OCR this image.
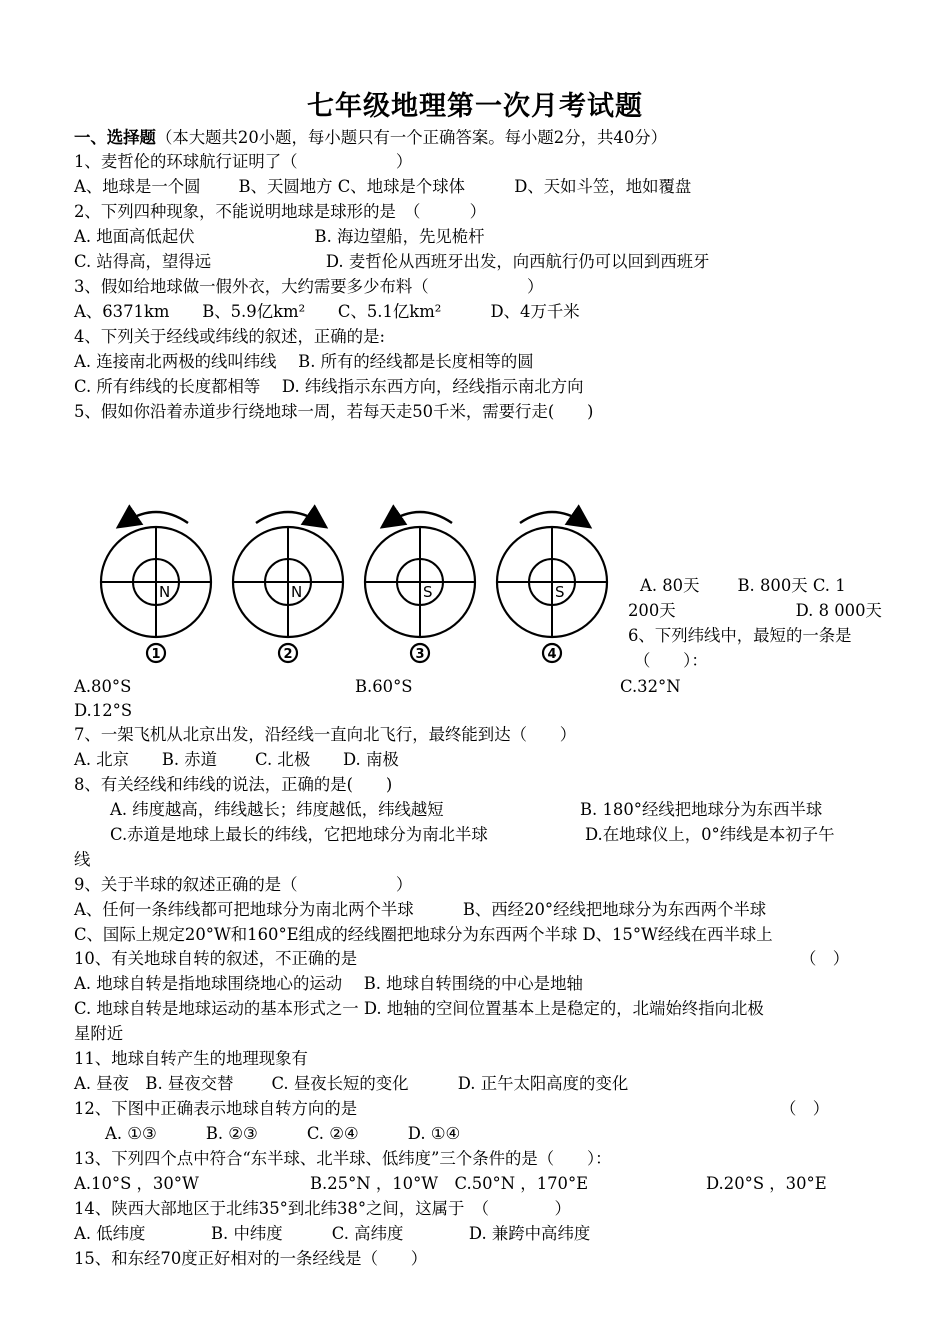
七年级地理第一次月考试题
一、选择题（本大题共20小题，每小题只有一个正确答案。每小题2分，共40分）
1、麦哲伦的环球航行证明了（　　　　　　）
A、地球是一个圆　　 B、天圆地方 C、地球是个球体　　　D、天如斗笠，地如覆盘
2、下列四种现象，不能说明地球是球形的是　（　　　）
A. 地面高低起伏　　　　　　　 B. 海边望船，先见桅杆
C. 站得高，望得远　　　　　　　D. 麦哲伦从西班牙出发，向西航行仍可以回到西班牙
3、假如给地球做一假外衣，大约需要多少布料（　　　　　　）
A、6371km　　B、5.9亿km²　　C、5.1亿km²　　　D、4万千米
4、下列关于经线或纬线的叙述，正确的是:
A. 连接南北两极的线叫纬线　 B. 所有的经线都是长度相等的圆
C. 所有纬线的长度都相等　 D. 纬线指示东西方向，经线指示南北方向
5、假如你沿着赤道步行绕地球一周，若每天走50千米，需要行走(　　)
N
1
N
2
S
3
S
4
A. 80天　　 B. 800天 C. 1
200天　　　　　　　 D. 8 000天
6、下列纬线中，最短的一条是
（　　）：
A.80°S	B.60°S	C.32°N
D.12°S
7、一架飞机从北京出发，沿经线一直向北飞行，最终能到达（　　）
A. 北京　　B. 赤道　　 C. 北极　　D. 南极
8、有关经线和纬线的说法，正确的是(　　)
A. 纬度越高，纬线越长；纬度越低，纬线越短	B. 180°经线把地球分为东西半球
C.赤道是地球上最长的纬线，它把地球分为南北半球	D.在地球仪上，0°纬线是本初子午
线
9、关于半球的叙述正确的是（　　　　　　）
A、任何一条纬线都可把地球分为南北两个半球　　　B、西经20°经线把地球分为东西两个半球
C、国际上规定20°W和160°E组成的经线圈把地球分为东西两个半球 D、15°W经线在西半球上
10、有关地球自转的叙述，不正确的是	（　）
A. 地球自转是指地球围绕地心的运动　 B. 地球自转围绕的中心是地轴
C. 地球自转是地球运动的基本形式之一 D. 地轴的空间位置基本上是稳定的，北端始终指向北极
星附近
11、地球自转产生的地理现象有
A. 昼夜　B. 昼夜交替　　 C. 昼夜长短的变化　　　D. 正午太阳高度的变化
12、下图中正确表示地球自转方向的是	（　）
A. ①③　　　B. ②③　　　C. ②④　　　D. ①④
13、下列四个点中符合“东半球、北半球、低纬度”三个条件的是（　　）：
A.10°S ，30°W	B.25°N ，10°W　C.50°N ，170°E	D.20°S ，30°E
14、陕西大部地区于北纬35°到北纬38°之间，这属于　（　　　　）
A. 低纬度　　　　B. 中纬度　　　C. 高纬度　　　　D. 兼跨中高纬度
15、和东经70度正好相对的一条经线是（　　）
